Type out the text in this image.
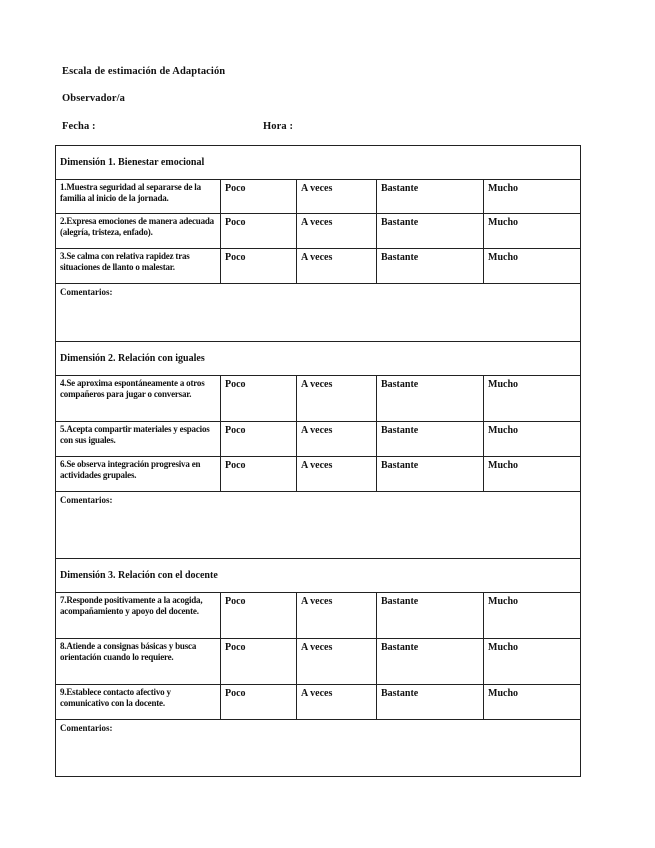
Escala de estimación de Adaptación
Observador/a
Fecha :	Hora :
Dimensión 1. Bienestar emocional				
1.Muestra seguridad al separarse de la familia al inicio de la jornada.	Poco	A veces	Bastante	Mucho
2.Expresa emociones de manera adecuada (alegría, tristeza, enfado).	Poco	A veces	Bastante	Mucho
3.Se calma con relativa rapidez tras situaciones de llanto o malestar.	Poco	A veces	Bastante	Mucho
Comentarios:				
Dimensión 2. Relación con iguales				
4.Se aproxima espontáneamente a otros compañeros para jugar o conversar.	Poco	A veces	Bastante	Mucho
5.Acepta compartir materiales y espacios con sus iguales.	Poco	A veces	Bastante	Mucho
6.Se observa integración progresiva en actividades grupales.	Poco	A veces	Bastante	Mucho
Comentarios:				
Dimensión 3. Relación con el docente				
7.Responde positivamente a la acogida, acompañamiento y apoyo del docente.	Poco	A veces	Bastante	Mucho
8.Atiende a consignas básicas y busca orientación cuando lo requiere.	Poco	A veces	Bastante	Mucho
9.Establece contacto afectivo y comunicativo con la docente.	Poco	A veces	Bastante	Mucho
Comentarios:				
